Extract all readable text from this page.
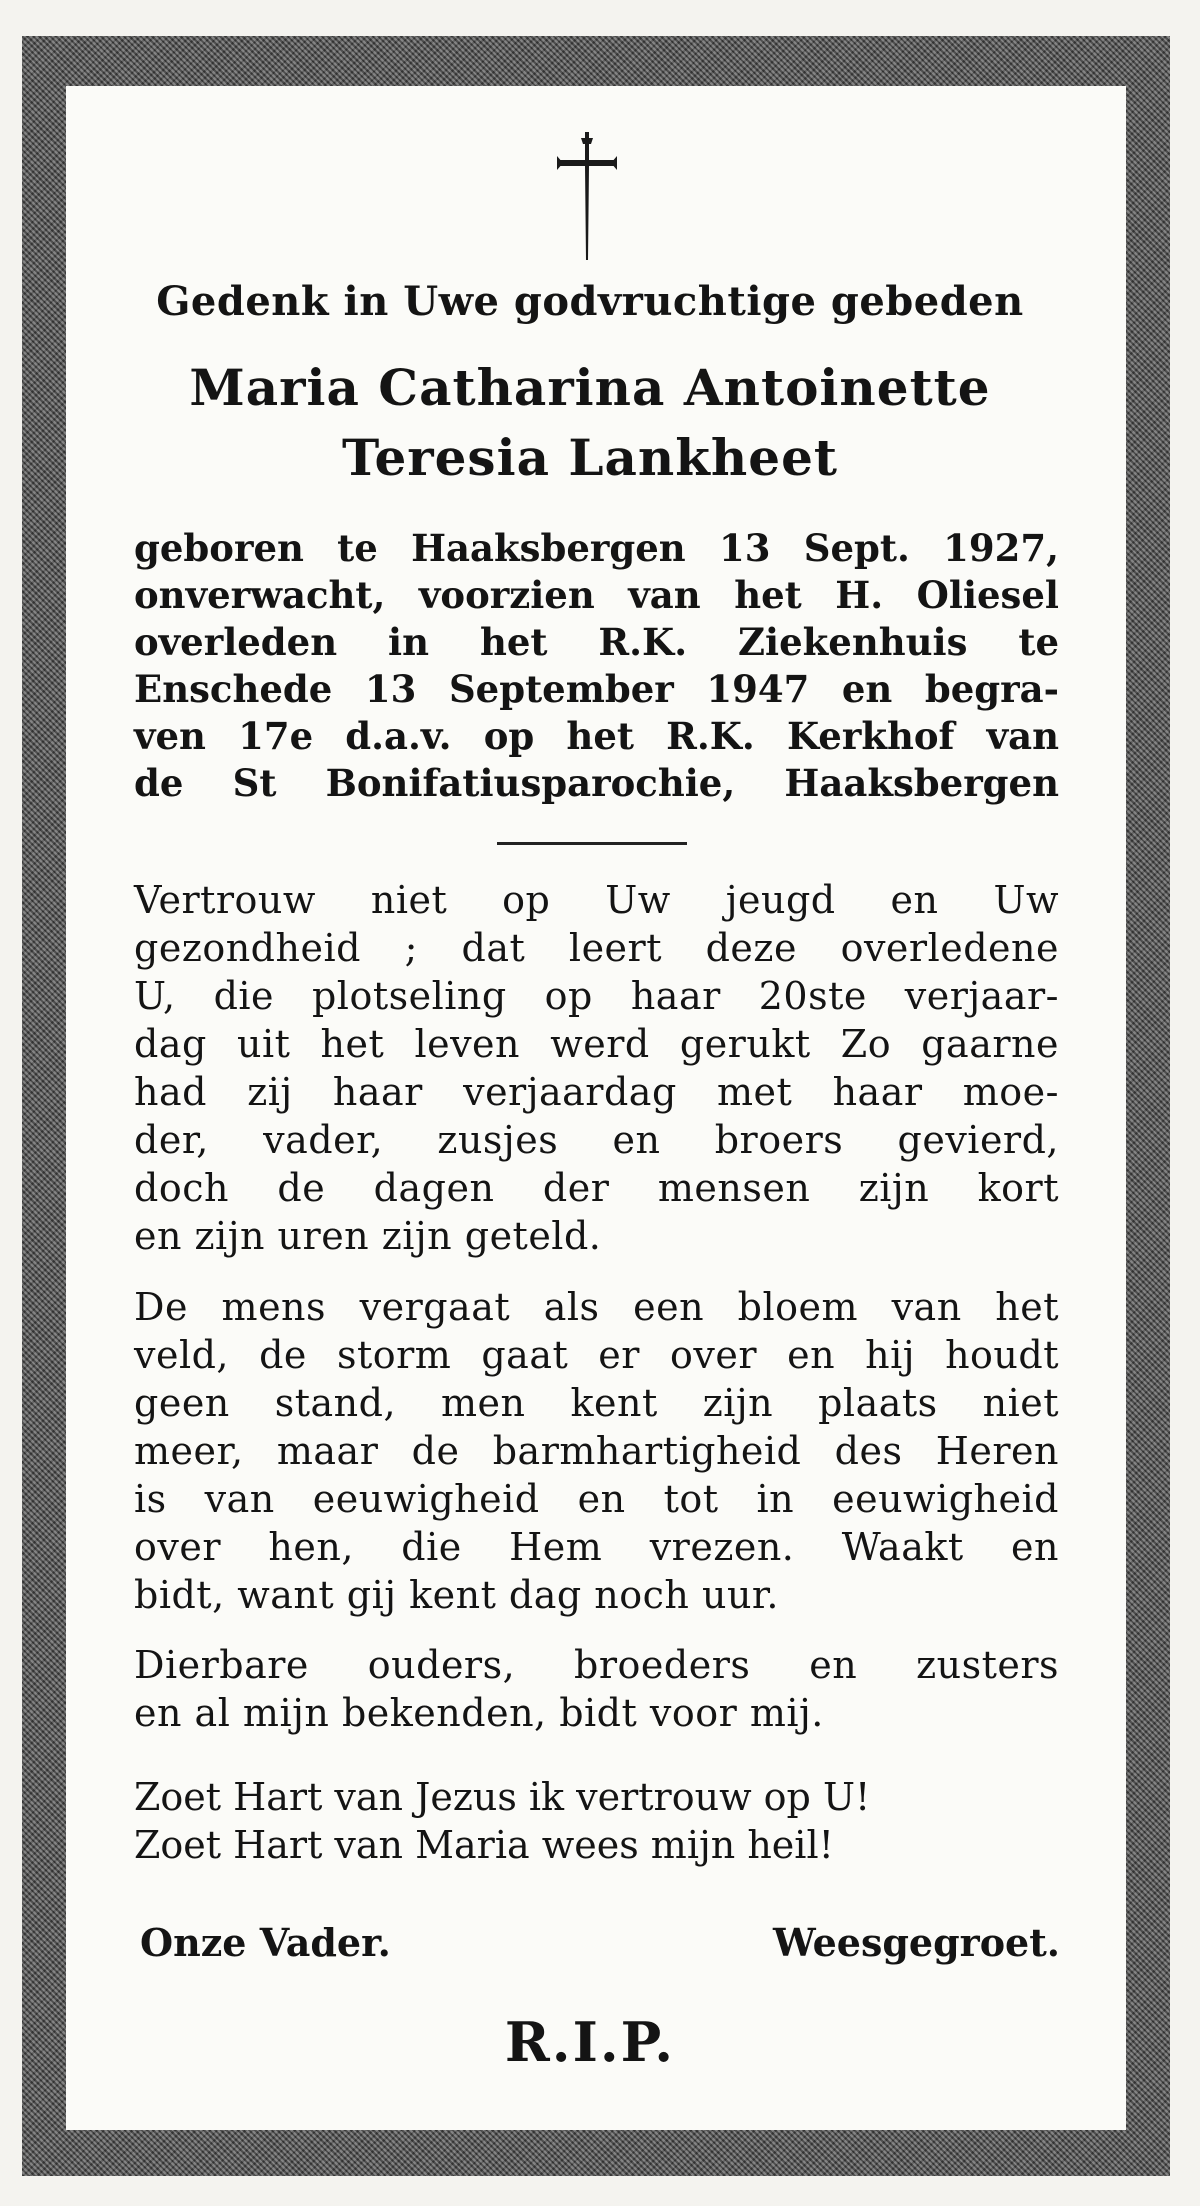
Gedenk in Uwe godvruchtige gebeden
Maria Catharina Antoinette
Teresia Lankheet
geboren te Haaksbergen 13 Sept. 1927,
onverwacht, voorzien van het H. Oliesel
overleden in het R.K. Ziekenhuis te
Enschede 13 September 1947 en begra-
ven 17e d.a.v. op het R.K. Kerkhof van
de St Bonifatiusparochie, Haaksbergen
Vertrouw niet op Uw jeugd en Uw
gezondheid ; dat leert deze overledene
U, die plotseling op haar 20ste verjaar-
dag uit het leven werd gerukt Zo gaarne
had zij haar verjaardag met haar moe-
der, vader, zusjes en broers gevierd,
doch de dagen der mensen zijn kort
en zijn uren zijn geteld.
De mens vergaat als een bloem van het
veld, de storm gaat er over en hij houdt
geen stand, men kent zijn plaats niet
meer, maar de barmhartigheid des Heren
is van eeuwigheid en tot in eeuwigheid
over hen, die Hem vrezen. Waakt en
bidt, want gij kent dag noch uur.
Dierbare ouders, broeders en zusters
en al mijn bekenden, bidt voor mij.
Zoet Hart van Jezus ik vertrouw op U!
Zoet Hart van Maria wees mijn heil!
Onze Vader.	Weesgegroet.
R.I.P.
